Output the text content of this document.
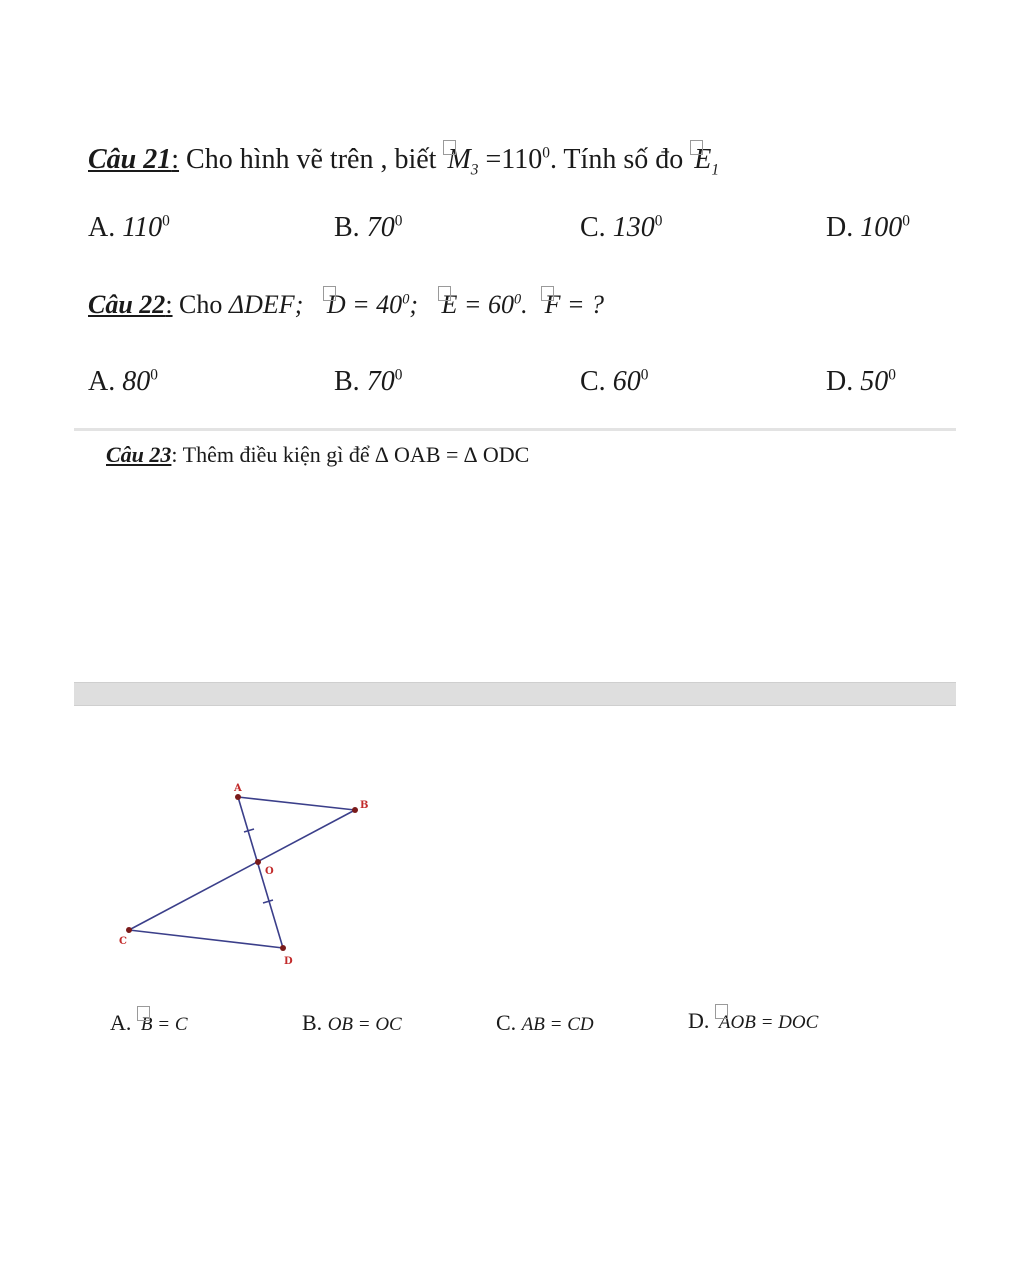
Câu 21: Cho hình vẽ trên , biết $M_3 =110^0$. Tính số đo $E_1$
A. $110^0$	B. $70^0$	C. $130^0$	D. $100^0$
Câu 22: Cho ΔDEF; $D = 40^0$; $E = 60^0$. F = ?
A. $80^0$	B. $70^0$	C. $60^0$	D. $50^0$
Câu 23: Thêm điều kiện gì để ∆ OAB = ∆ ODC
A
B
O
C
D
A. B = C	B. OB = OC	C. AB = CD	D. AOB = DOC
